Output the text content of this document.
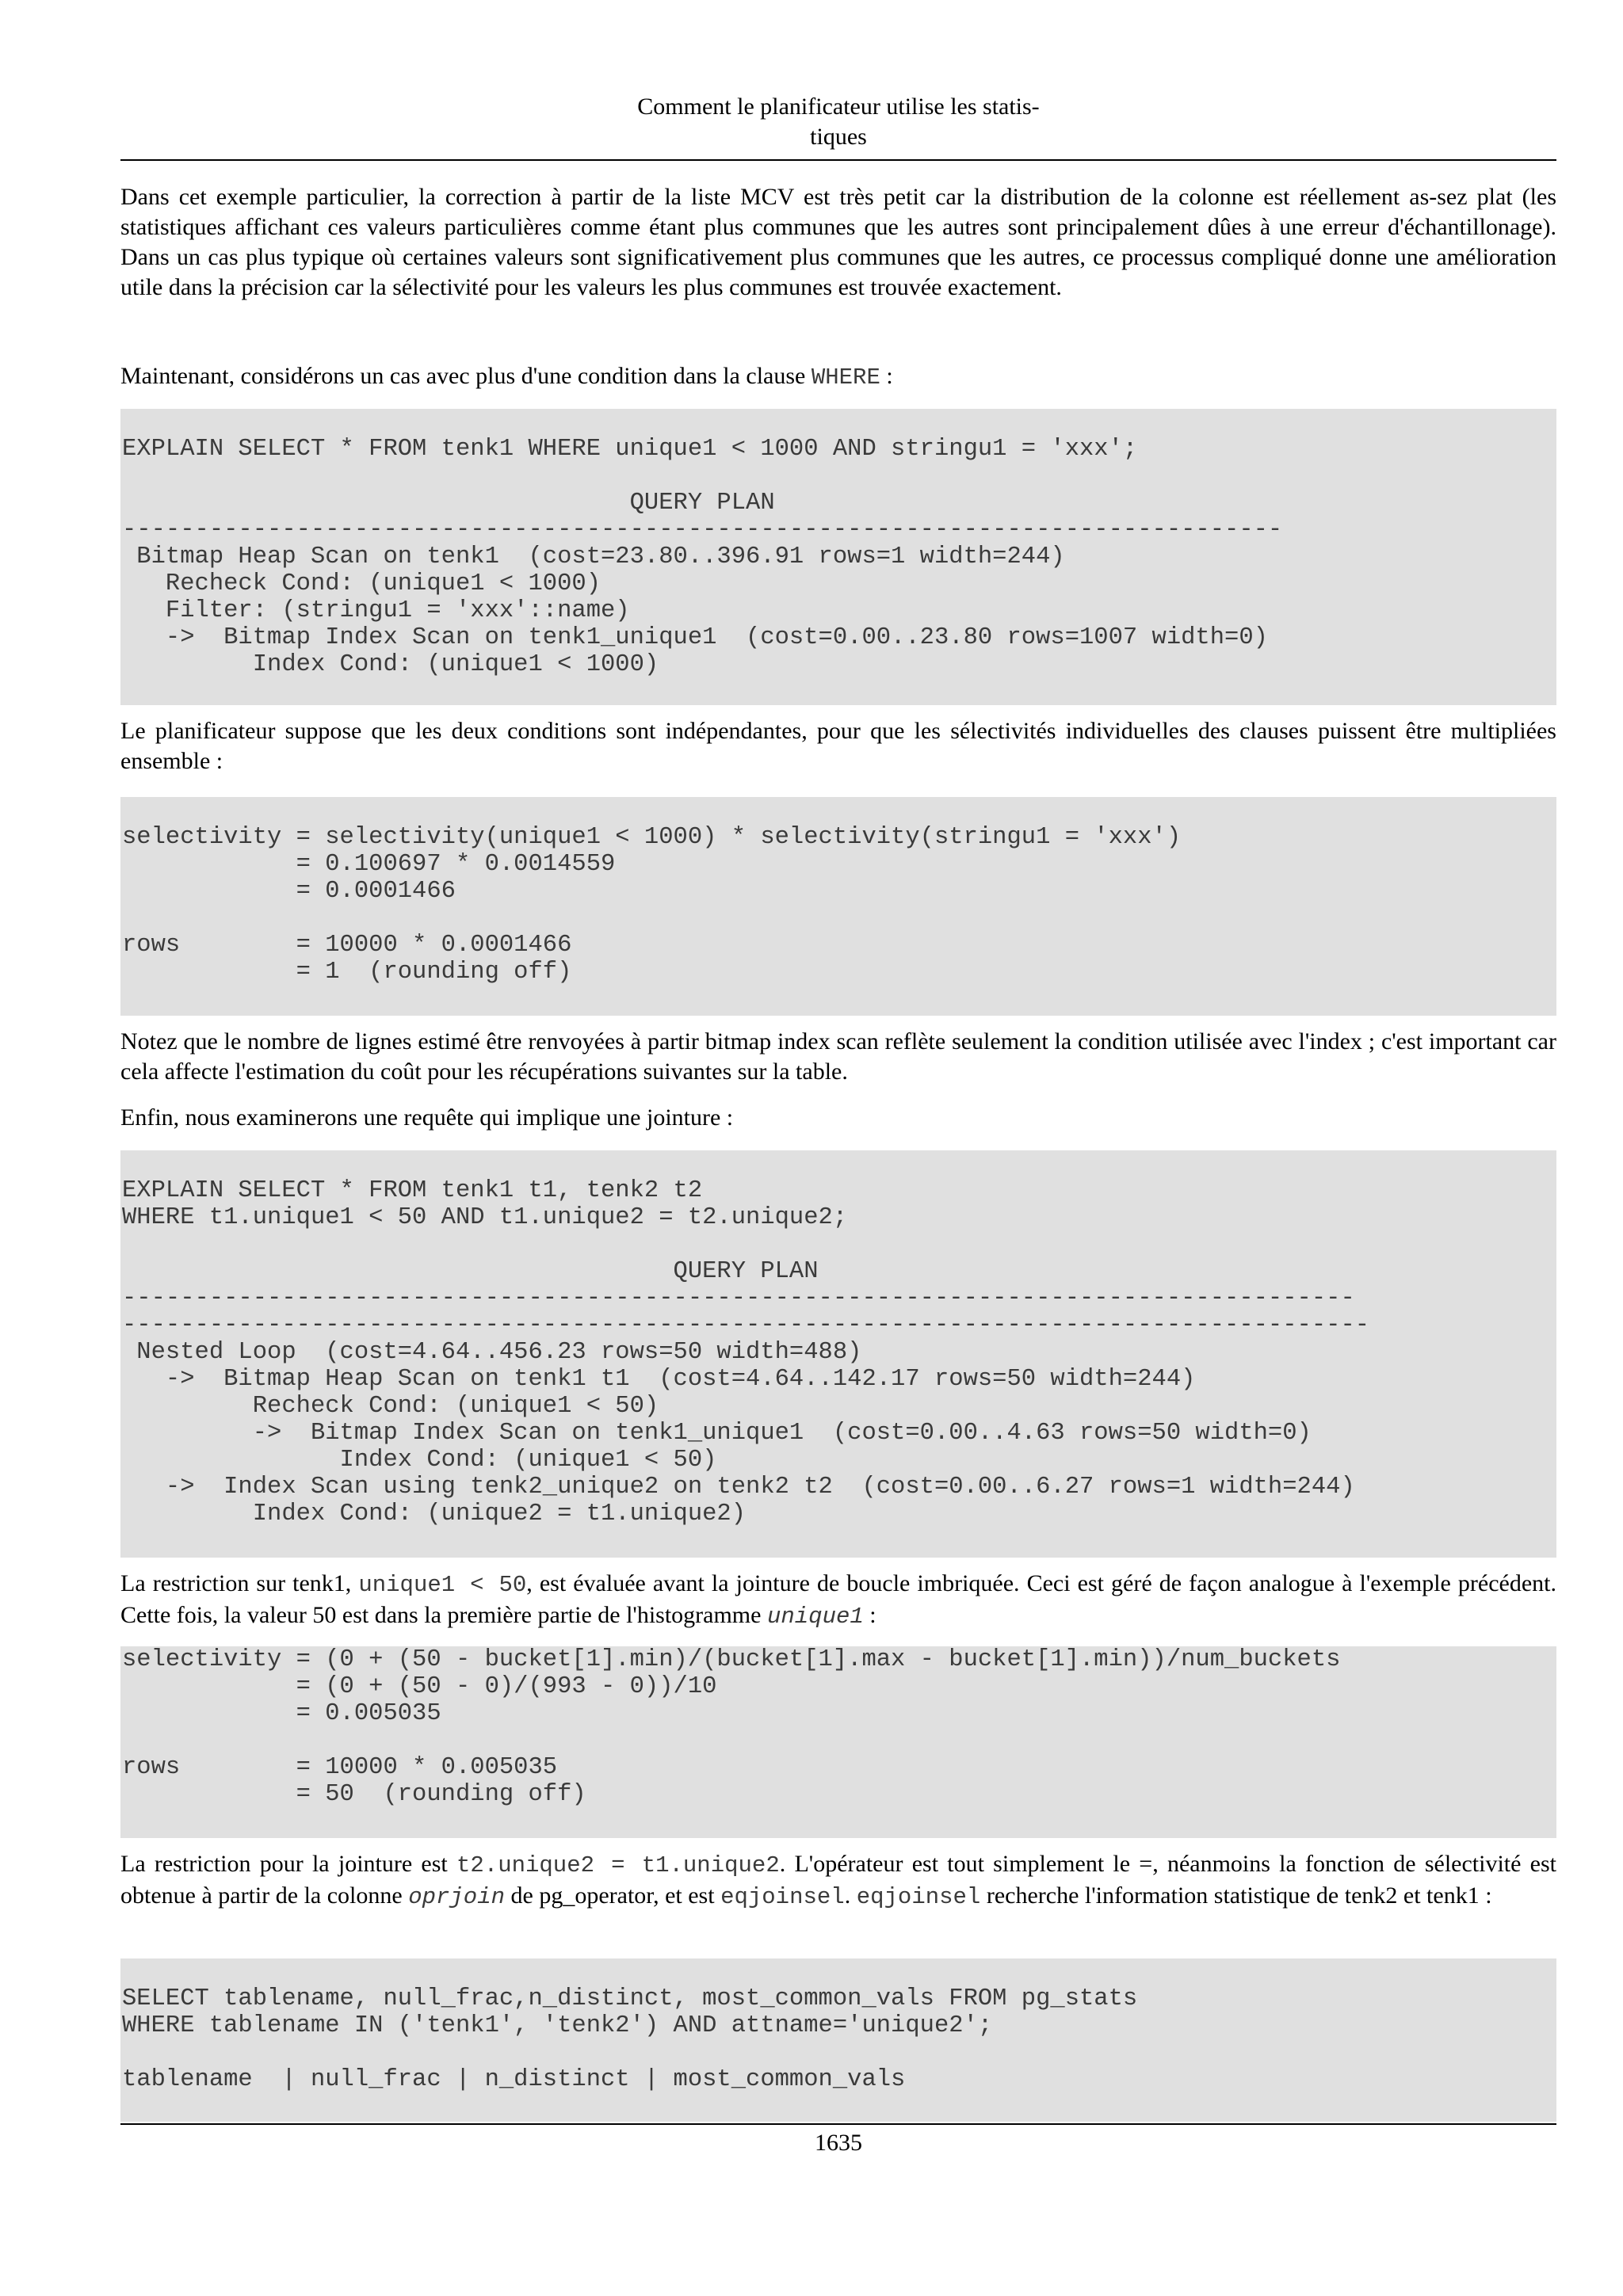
Comment le planificateur utilise les statis-
tiques

Dans cet exemple particulier, la correction à partir de la liste MCV est très petit car la distribution de la colonne est réellement as-sez plat (les statistiques affichant ces valeurs particulières comme étant plus communes que les autres sont principalement dûes à une erreur d'échantillonage). Dans un cas plus typique où certaines valeurs sont significativement plus communes que les autres, ce processus compliqué donne une amélioration utile dans la précision car la sélectivité pour les valeurs les plus communes est trouvée exactement.

Maintenant, considérons un cas avec plus d'une condition dans la clause WHERE :

EXPLAIN SELECT * FROM tenk1 WHERE unique1 < 1000 AND stringu1 = 'xxx';

QUERY PLAN
--------------------------------------------------------------------------------
Bitmap Heap Scan on tenk1  (cost=23.80..396.91 rows=1 width=244)
Recheck Cond: (unique1 < 1000)
Filter: (stringu1 = 'xxx'::name)
->  Bitmap Index Scan on tenk1_unique1  (cost=0.00..23.80 rows=1007 width=0)
Index Cond: (unique1 < 1000)

Le planificateur suppose que les deux conditions sont indépendantes, pour que les sélectivités individuelles des clauses puissent être multipliées ensemble :

selectivity = selectivity(unique1 < 1000) * selectivity(stringu1 = 'xxx')
= 0.100697 * 0.0014559
= 0.0001466

rows        = 10000 * 0.0001466
= 1  (rounding off)

Notez que le nombre de lignes estimé être renvoyées à partir bitmap index scan reflète seulement la condition utilisée avec l'index ; c'est important car cela affecte l'estimation du coût pour les récupérations suivantes sur la table.

Enfin, nous examinerons une requête qui implique une jointure :

EXPLAIN SELECT * FROM tenk1 t1, tenk2 t2
WHERE t1.unique1 < 50 AND t1.unique2 = t2.unique2;

QUERY PLAN
-------------------------------------------------------------------------------------
--------------------------------------------------------------------------------------
Nested Loop  (cost=4.64..456.23 rows=50 width=488)
->  Bitmap Heap Scan on tenk1 t1  (cost=4.64..142.17 rows=50 width=244)
Recheck Cond: (unique1 < 50)
->  Bitmap Index Scan on tenk1_unique1  (cost=0.00..4.63 rows=50 width=0)
Index Cond: (unique1 < 50)
->  Index Scan using tenk2_unique2 on tenk2 t2  (cost=0.00..6.27 rows=1 width=244)
Index Cond: (unique2 = t1.unique2)

La restriction sur tenk1, unique1 < 50, est évaluée avant la jointure de boucle imbriquée. Ceci est géré de façon analogue à l'exemple précédent. Cette fois, la valeur 50 est dans la première partie de l'histogramme unique1 :

selectivity = (0 + (50 - bucket[1].min)/(bucket[1].max - bucket[1].min))/num_buckets
= (0 + (50 - 0)/(993 - 0))/10
= 0.005035

rows        = 10000 * 0.005035
= 50  (rounding off)

La restriction pour la jointure est t2.unique2 = t1.unique2. L'opérateur est tout simplement le =, néanmoins la fonction de sélectivité est obtenue à partir de la colonne oprjoin de pg_operator, et est eqjoinsel. eqjoinsel recherche l'information statistique de tenk2 et tenk1 :

SELECT tablename, null_frac,n_distinct, most_common_vals FROM pg_stats
WHERE tablename IN ('tenk1', 'tenk2') AND attname='unique2';

tablename  | null_frac | n_distinct | most_common_vals
1635
